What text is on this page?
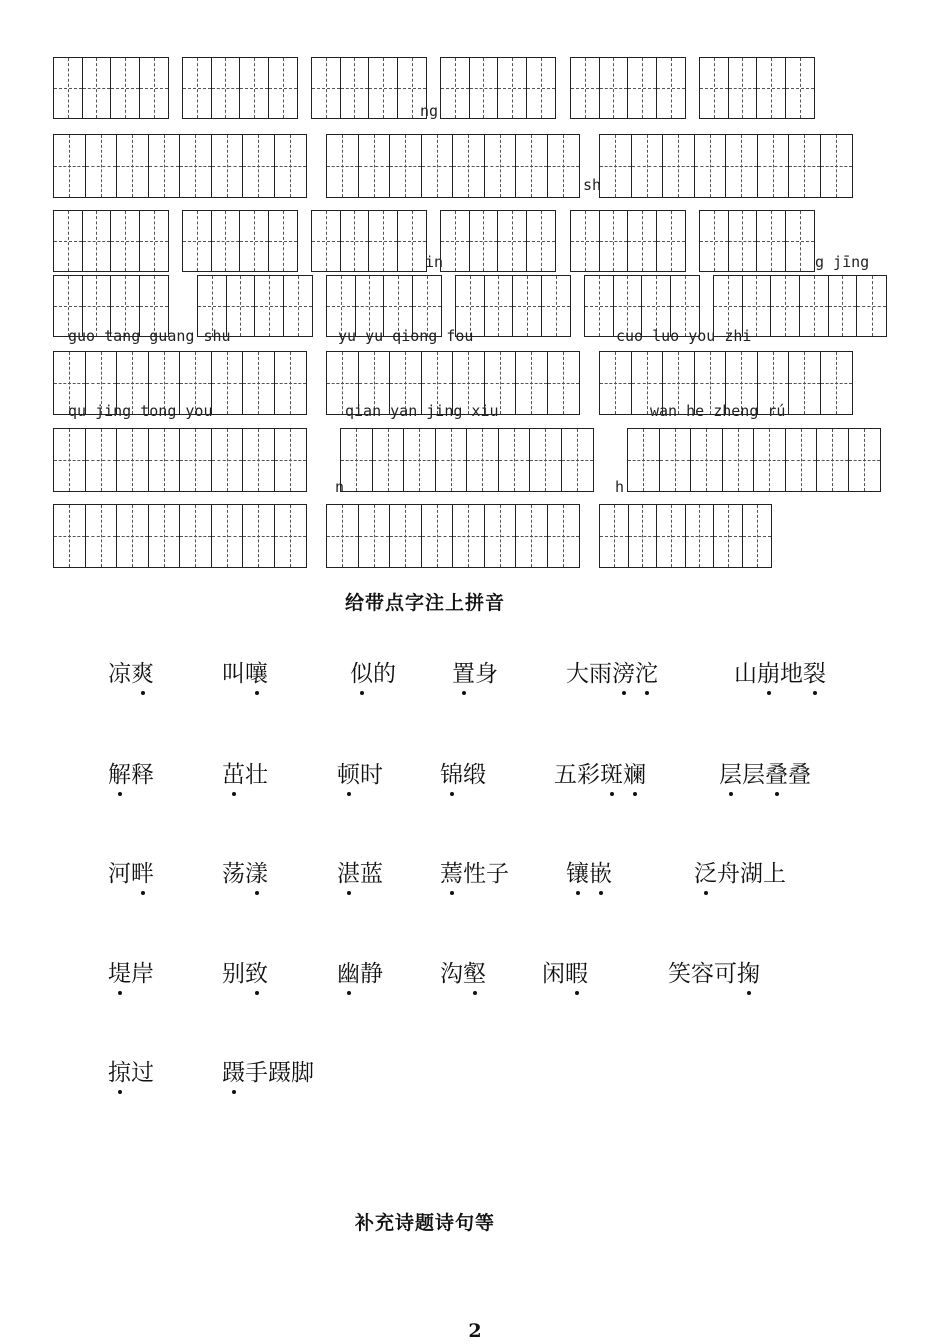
ng
sh
in	g jīng
guo tang guang shu	yu yu qiong fou	cuo luo you zhi
qu jing tong you	qian yan jing xiu	wan he zheng rú
n	h
给带点字注上拼音
凉爽	叫嚷	似的 置身	大雨滂沱	山崩地裂
解释	茁壮	顿时 锦缎	五彩斑斓	层层叠叠
河畔	荡漾	湛蓝 蔫性子 镶嵌	泛舟湖上
堤岸	别致	幽静 沟壑 闲暇	笑容可掬
掠过	蹑手蹑脚
补充诗题诗句等
2
